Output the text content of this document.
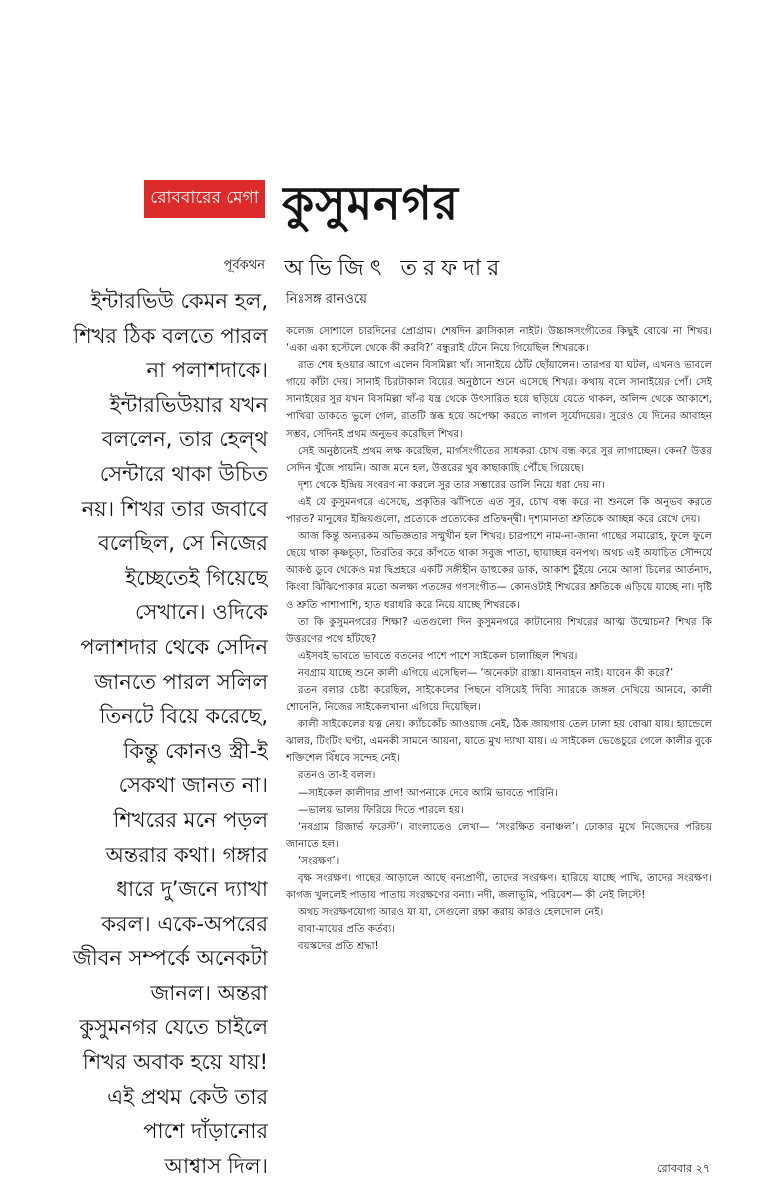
রোববারের মেগা কুসুমনগর
পূর্বকথন অভিজিৎ তরফদার
ইন্টারভিউ কেমন হল,
শিখর ঠিক বলতে পারল
না পলাশদাকে।
ইন্টারভিউয়ার যখন
বললেন, তার হেল্থ
সেন্টারে থাকা উচিত
নয়। শিখর তার জবাবে
বলেছিল, সে নিজের
ইচ্ছেতেই গিয়েছে
সেখানে। ওদিকে
পলাশদার থেকে সেদিন
জানতে পারল সলিল
তিনটে বিয়ে করেছে,
কিন্তু কোনও স্ত্রী-ই
সেকথা জানত না।
শিখরের মনে পড়ল
অন্তরার কথা। গঙ্গার
ধারে দু’জনে দ্যাখা
করল। একে-অপরের
জীবন সম্পর্কে অনেকটা
জানল। অন্তরা
কুসুমনগর যেতে চাইলে
শিখর অবাক হয়ে যায়!
এই প্রথম কেউ তার
পাশে দাঁড়ানোর
আশ্বাস দিল।
নিঃসঙ্গ রানওয়ে

কলেজ সোশালে চারদিনের প্রোগ্রাম। শেষদিন ক্লাসিকাল নাইট। উচ্চাঙ্গসংগীতের কিছুই বোঝে না শিখর। ‘একা একা হস্টেলে থেকে কী করবি?’ বন্ধুরাই টেনে নিয়ে গিয়েছিল শিখরকে।

রাত শেষ হওয়ার আগে এলেন বিসমিল্লা খাঁ। সানাইয়ে ঠোঁট ছোঁয়ালেন। তারপর যা ঘটল, এখনও ভাবলে গায়ে কাঁটা দেয়। সানাই চিরটাকাল বিয়ের অনুষ্ঠানে শুনে এসেছে শিখর। কথায় বলে সানাইয়ের পোঁ। সেই সানাইয়ের সুর যখন বিসমিল্লা খাঁ-র যন্ত্র থেকে উৎসারিত হয়ে ছড়িয়ে যেতে থাকল, অলিন্দ থেকে আকাশে, পাখিরা ডাকতে ভুলে গেল, রাতটি স্তব্ধ হয়ে অপেক্ষা করতে লাগল সূর্যোদয়ের। সুরেও যে দিনের আবাহন সম্ভব, সেদিনই প্রথম অনুভব করেছিল শিখর।

সেই অনুষ্ঠানেই প্রথম লক্ষ করেছিল, মার্গসংগীতের সাধকরা চোখ বন্ধ করে সুর লাগাচ্ছেন। কেন? উত্তর সেদিন খুঁজে পায়নি। আজ মনে হল, উত্তরের খুব কাছাকাছি পৌঁছে গিয়েছে।

দৃশ্য থেকে ইন্দ্রিয় সংবরণ না করলে সুর তার সম্ভারের ডালি নিয়ে ধরা দেয় না।

এই যে কুসুমনগরে এসেছে, প্রকৃতির ঝাঁপিতে এত সুর, চোখ বন্ধ করে না শুনলে কি অনুভব করতে পারত? মানুষের ইন্দ্রিয়গুলো, প্রত্যেকে প্রত্যেকের প্রতিদ্বন্দ্বী। দৃশ্যমানতা শ্রুতিকে আচ্ছন্ন করে রেখে দেয়।

আজ কিন্তু অন্যরকম অভিজ্ঞতার সম্মুখীন হল শিখর। চারপাশে নাম-না-জানা গাছের সমারোহ, ফুলে ফুলে ছেয়ে থাকা কৃষ্ণচূড়া, তিরতির করে কাঁপতে থাকা সবুজ পাতা, ছায়াচ্ছন্ন বনপথ। অথচ এই অযাচিত সৌন্দর্যে আকণ্ঠ ডুবে থেকেও মগ্ন দ্বিপ্রহরে একটি সঙ্গীহীন ডাহুকের ডাক, আকাশ চুঁইয়ে নেমে আসা চিলের আর্তনাদ, কিংবা ঝিঁঝিপোকার মতো অলক্ষ্য পতঙ্গের গণসংগীত— কোনওটাই শিখরের শ্রুতিকে এড়িয়ে যাচ্ছে না। দৃষ্টি ও শ্রুতি পাশাপাশি, হাত ধরাধরি করে নিয়ে যাচ্ছে শিখরকে।

তা কি কুসুমনগরের শিক্ষা? এতগুলো দিন কুসুমনগরে কাটানোয় শিখরের আত্ম উন্মোচন? শিখর কি উত্তরণের পথে হাঁটছে?

এইসবই ভাবতে ভাবতে বতনের পাশে পাশে সাইকেল চালাচ্ছিল শিখর।

নবগ্রাম যাচ্ছে শুনে কালী এগিয়ে এসেছিল— ‘অনেকটা রাস্তা। যানবাহন নাই। যাবেন কী করে?’

রতন বলার চেষ্টা করেছিল, সাইকেলের পিছনে বসিয়েই দিব্যি স্যারকে জঙ্গল দেখিয়ে আনবে, কালী শোনেনি, নিজের সাইকেলখানা এগিয়ে দিয়েছিল।

কালী সাইকেলের যত্ন নেয়। ক্যাঁচকোঁচ আওয়াজ নেই, ঠিক জায়গায় তেল ঢালা হয় বোঝা যায়। হ্যান্ডেলে ঝালর, টিংটিং ঘণ্টা, এমনকী সামনে আয়না, যাতে মুখ দ্যাখা যায়। এ সাইকেল ভেঙেচুরে গেলে কালীর বুকে শক্তিশেল বিঁধবে সন্দেহ নেই।

রতনও তা-ই বলল।

—সাইকেল কালীদার প্রাণ! আপনাকে দেবে আমি ভাবতে পারিনি।

—ভালয় ভালয় ফিরিয়ে দিতে পারলে হয়।

‘নবগ্রাম রিজার্ভ ফরেস্ট’। বাংলাতেও লেখা— ‘সংরক্ষিত বনাঞ্চল’। ঢোকার মুখে নিজেদের পরিচয় জানাতে হল।

‘সংরক্ষণ’।

বৃক্ষ সংরক্ষণ। গাছের আড়ালে আছে বন্যপ্রাণী, তাদের সংরক্ষণ। হারিয়ে যাচ্ছে পাখি, তাদের সংরক্ষণ। কাগজ খুললেই পাতায় পাতায় সংরক্ষণের বন্যা। নদী, জলাভূমি, পরিবেশ— কী নেই লিস্টে!

অথচ সংরক্ষণযোগ্য আরও যা যা, সেগুলো রক্ষা করায় কারও হেলদোল নেই।

বাবা-মায়ের প্রতি কর্তব্য।

বয়স্কদের প্রতি শ্রদ্ধা!

রোববার ২৭
